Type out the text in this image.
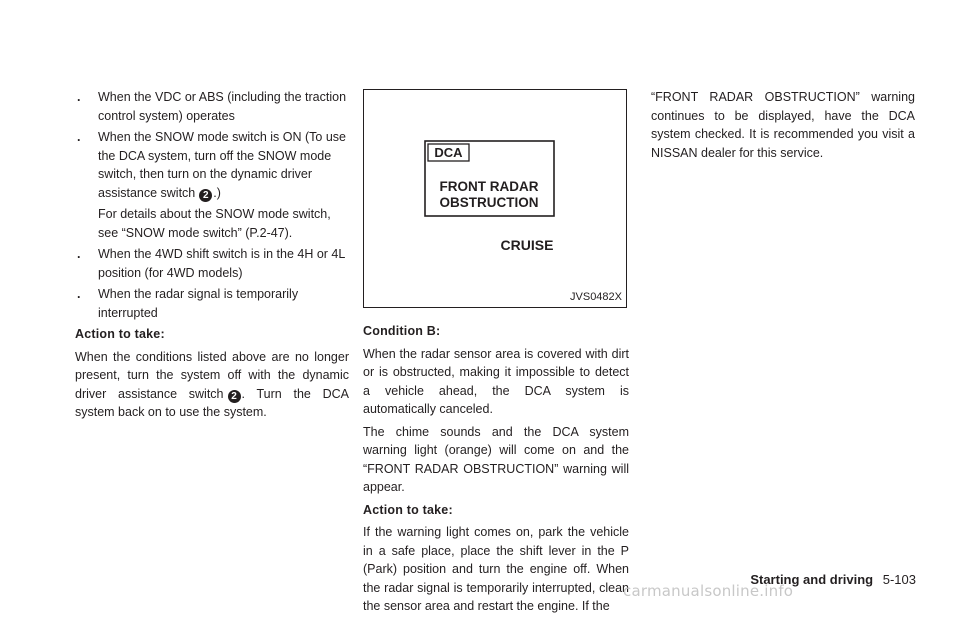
. When the VDC or ABS (including the traction control system) operates
. When the SNOW mode switch is ON (To use the DCA system, turn off the SNOW mode switch, then turn on the dynamic driver assistance switch 2 .)
For details about the SNOW mode switch, see “SNOW mode switch” (P.2-47).
. When the 4WD shift switch is in the 4H or 4L position (for 4WD models)
. When the radar signal is temporarily interrupted
Action to take:

When the conditions listed above are no longer present, turn the system off with the dynamic driver assistance switch 2 . Turn the DCA system back on to use the system.

DCA
FRONT RADAR
OBSTRUCTION
CRUISE
JVS0482X
Condition B:

When the radar sensor area is covered with dirt or is obstructed, making it impossible to detect a vehicle ahead, the DCA system is automatically canceled.

The chime sounds and the DCA system warning light (orange) will come on and the “FRONT RADAR OBSTRUCTION” warning will appear.

Action to take:

If the warning light comes on, park the vehicle in a safe place, place the shift lever in the P (Park) position and turn the engine off. When the radar signal is temporarily interrupted, clean the sensor area and restart the engine. If the

“FRONT RADAR OBSTRUCTION” warning continues to be displayed, have the DCA system checked. It is recommended you visit a NISSAN dealer for this service.

Starting and driving 5-103
carmanualsonline.info
